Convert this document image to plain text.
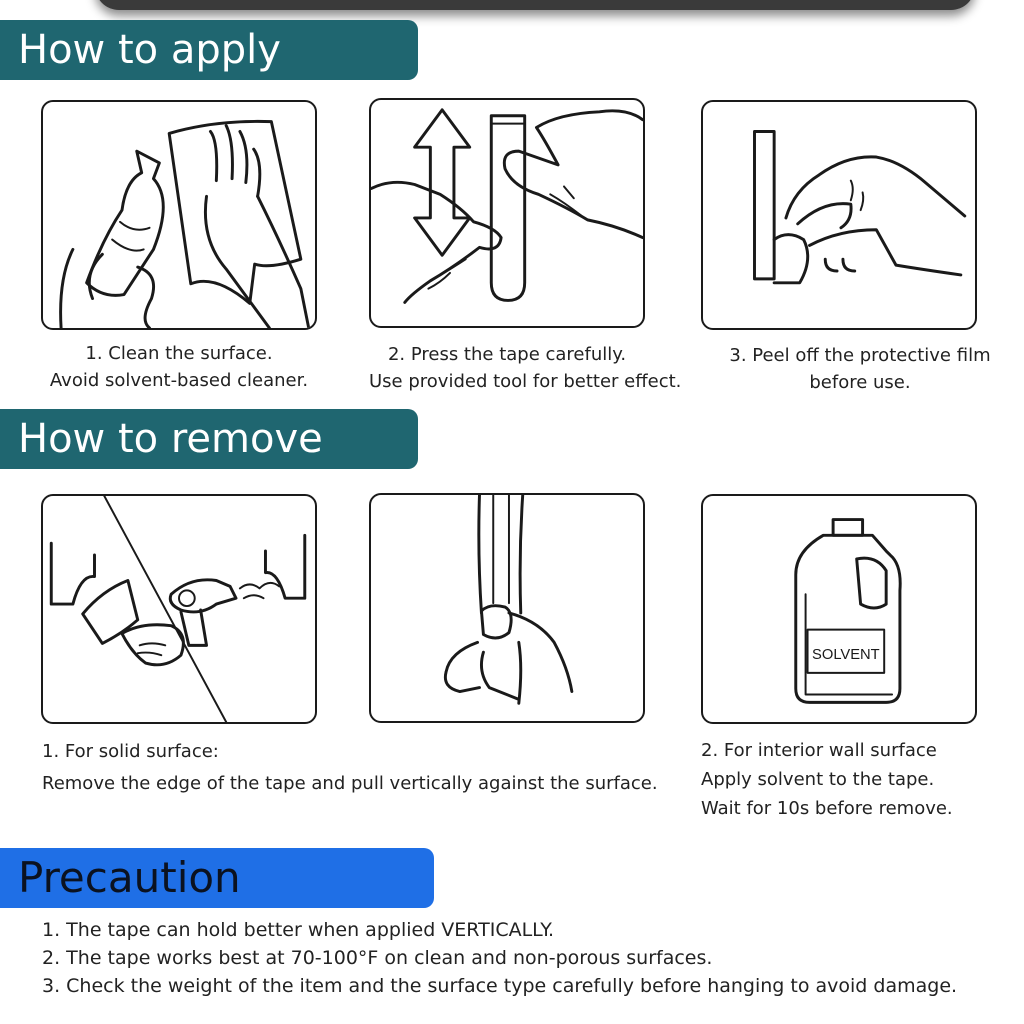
How to apply
1. Clean the surface.
Avoid solvent-based cleaner.
2. Press the tape carefully.
Use provided tool for better effect.
3. Peel off the protective film
before use.
How to remove
SOLVENT
1. For solid surface:
Remove the edge of the tape and pull vertically against the surface.
2. For interior wall surface
Apply solvent to the tape.
Wait for 10s before remove.
Precaution
1. The tape can hold better when applied VERTICALLY.
2. The tape works best at 70-100°F on clean and non-porous surfaces.
3. Check the weight of the item and the surface type carefully before hanging to avoid damage.
